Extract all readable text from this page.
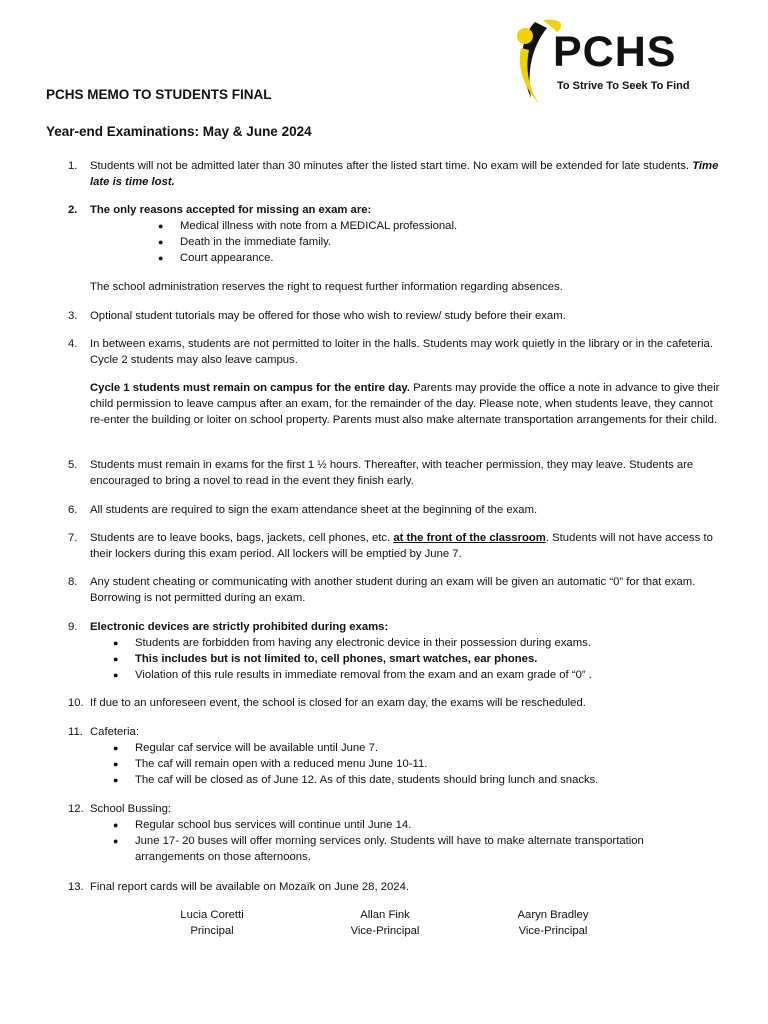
PCHS
To Strive To Seek To Find
PCHS MEMO TO STUDENTS FINAL
Year-end Examinations: May & June 2024
1. Students will not be admitted later than 30 minutes after the listed start time. No exam will be extended for late students. Time late is time lost.
2. The only reasons accepted for missing an exam are:
● Medical illness with note from a MEDICAL professional.
● Death in the immediate family.
● Court appearance.
The school administration reserves the right to request further information regarding absences.
3. Optional student tutorials may be offered for those who wish to review/ study before their exam.
4. In between exams, students are not permitted to loiter in the halls. Students may work quietly in the library or in the cafeteria. Cycle 2 students may also leave campus.
Cycle 1 students must remain on campus for the entire day. Parents may provide the office a note in advance to give their child permission to leave campus after an exam, for the remainder of the day. Please note, when students leave, they cannot re-enter the building or loiter on school property. Parents must also make alternate transportation arrangements for their child.
5. Students must remain in exams for the first 1 ½ hours. Thereafter, with teacher permission, they may leave. Students are encouraged to bring a novel to read in the event they finish early.
6. All students are required to sign the exam attendance sheet at the beginning of the exam.
7. Students are to leave books, bags, jackets, cell phones, etc. at the front of the classroom. Students will not have access to their lockers during this exam period. All lockers will be emptied by June 7.
8. Any student cheating or communicating with another student during an exam will be given an automatic “0” for that exam. Borrowing is not permitted during an exam.
9. Electronic devices are strictly prohibited during exams:
● Students are forbidden from having any electronic device in their possession during exams.
● This includes but is not limited to, cell phones, smart watches, ear phones.
● Violation of this rule results in immediate removal from the exam and an exam grade of “0” .
10. If due to an unforeseen event, the school is closed for an exam day, the exams will be rescheduled.
11. Cafeteria:
● Regular caf service will be available until June 7.
● The caf will remain open with a reduced menu June 10-11.
● The caf will be closed as of June 12. As of this date, students should bring lunch and snacks.
12. School Bussing:
● Regular school bus services will continue until June 14.
● June 17- 20 buses will offer morning services only. Students will have to make alternate transportation arrangements on those afternoons.
13. Final report cards will be available on Mozaïk on June 28, 2024.
Lucia Coretti
Principal
Allan Fink
Vice-Principal
Aaryn Bradley
Vice-Principal
